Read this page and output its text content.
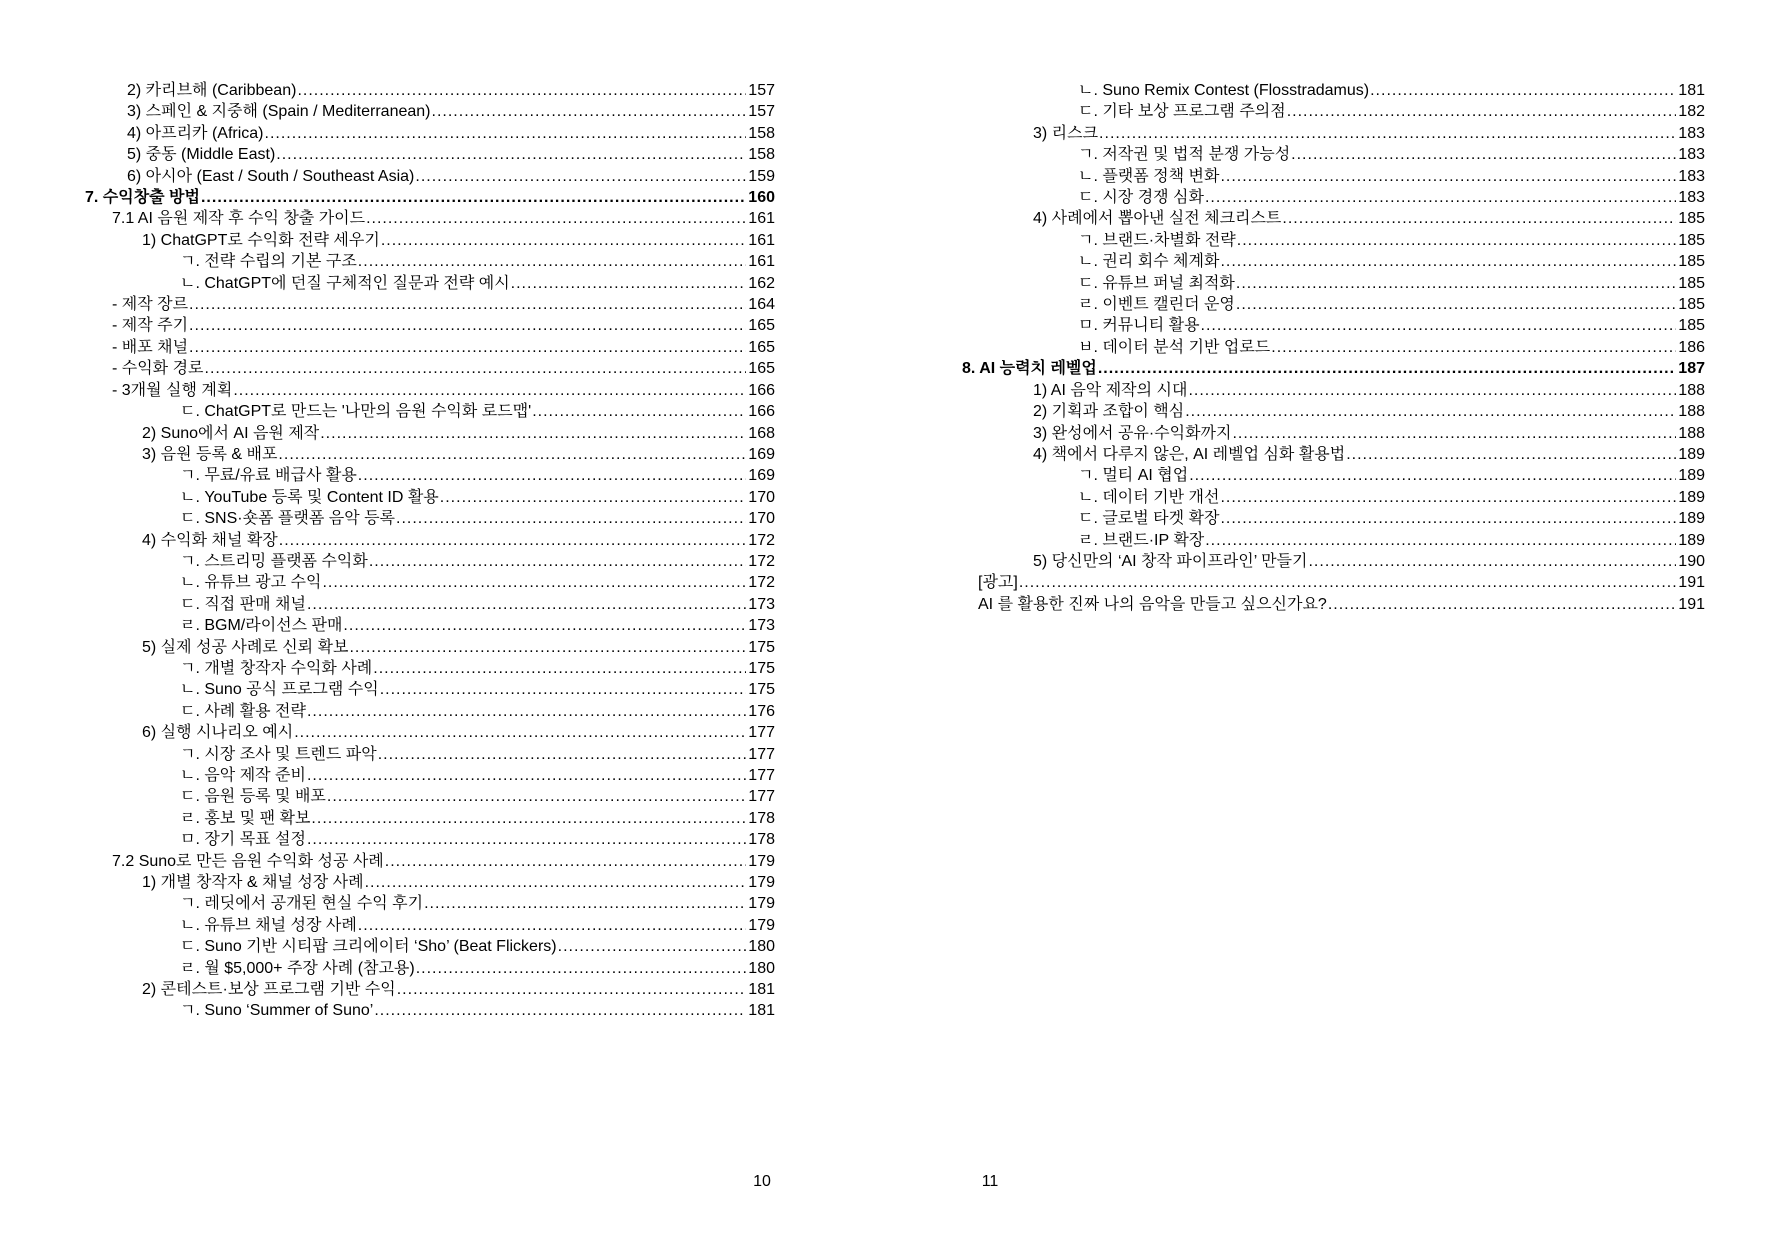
2) 카리브해 (Caribbean) .....	157
3) 스페인 & 지중해 (Spain / Mediterranean) .....	157
4) 아프리카 (Africa) .....	158
5) 중동 (Middle East) .....	158
6) 아시아 (East / South / Southeast Asia) .....	159
7. 수익창출 방법 .....	160
7.1 AI 음원 제작 후 수익 창출 가이드 .....	161
1) ChatGPT로 수익화 전략 세우기 .....	161
ㄱ. 전략 수립의 기본 구조 .....	161
ㄴ. ChatGPT에 던질 구체적인 질문과 전략 예시 .....	162
- 제작 장르 .....	164
- 제작 주기 .....	165
- 배포 채널 .....	165
- 수익화 경로 .....	165
- 3개월 실행 계획 .....	166
ㄷ. ChatGPT로 만드는 '나만의 음원 수익화 로드맵' .....	166
2) Suno에서 AI 음원 제작 .....	168
3) 음원 등록 & 배포 .....	169
ㄱ. 무료/유료 배급사 활용 .....	169
ㄴ. YouTube 등록 및 Content ID 활용 .....	170
ㄷ. SNS·숏폼 플랫폼 음악 등록 .....	170
4) 수익화 채널 확장 .....	172
ㄱ. 스트리밍 플랫폼 수익화 .....	172
ㄴ. 유튜브 광고 수익 .....	172
ㄷ. 직접 판매 채널 .....	173
ㄹ. BGM/라이선스 판매 .....	173
5) 실제 성공 사례로 신뢰 확보 .....	175
ㄱ. 개별 창작자 수익화 사례 .....	175
ㄴ. Suno 공식 프로그램 수익 .....	175
ㄷ. 사례 활용 전략 .....	176
6) 실행 시나리오 예시 .....	177
ㄱ. 시장 조사 및 트렌드 파악 .....	177
ㄴ. 음악 제작 준비 .....	177
ㄷ. 음원 등록 및 배포 .....	177
ㄹ. 홍보 및 팬 확보 .....	178
ㅁ. 장기 목표 설정 .....	178
7.2 Suno로 만든 음원 수익화 성공 사례 .....	179
1) 개별 창작자 & 채널 성장 사례 .....	179
ㄱ. 레딧에서 공개된 현실 수익 후기 .....	179
ㄴ. 유튜브 채널 성장 사례 .....	179
ㄷ. Suno 기반 시티팝 크리에이터 ‘Sho’ (Beat Flickers) .....	180
ㄹ. 월 $5,000+ 주장 사례 (참고용) .....	180
2) 콘테스트·보상 프로그램 기반 수익 .....	181
ㄱ. Suno ‘Summer of Suno’ .....	181
ㄴ. Suno Remix Contest (Flosstradamus) .....	181
ㄷ. 기타 보상 프로그램 주의점 .....	182
3) 리스크 .....	183
ㄱ. 저작권 및 법적 분쟁 가능성 .....	183
ㄴ. 플랫폼 정책 변화 .....	183
ㄷ. 시장 경쟁 심화 .....	183
4) 사례에서 뽑아낸 실전 체크리스트 .....	185
ㄱ. 브랜드·차별화 전략 .....	185
ㄴ. 권리 회수 체계화 .....	185
ㄷ. 유튜브 퍼널 최적화 .....	185
ㄹ. 이벤트 캘린더 운영 .....	185
ㅁ. 커뮤니티 활용 .....	185
ㅂ. 데이터 분석 기반 업로드 .....	186
8. AI 능력치 레벨업 .....	187
1) AI 음악 제작의 시대 .....	188
2) 기획과 조합이 핵심 .....	188
3) 완성에서 공유·수익화까지 .....	188
4) 책에서 다루지 않은, AI 레벨업 심화 활용법 .....	189
ㄱ. 멀티 AI 협업 .....	189
ㄴ. 데이터 기반 개선 .....	189
ㄷ. 글로벌 타겟 확장 .....	189
ㄹ. 브랜드·IP 확장 .....	189
5) 당신만의 ‘AI 창작 파이프라인’ 만들기 .....	190
[광고] .....	191
AI 를 활용한 진짜 나의 음악을 만들고 싶으신가요? .....	191
10	11
